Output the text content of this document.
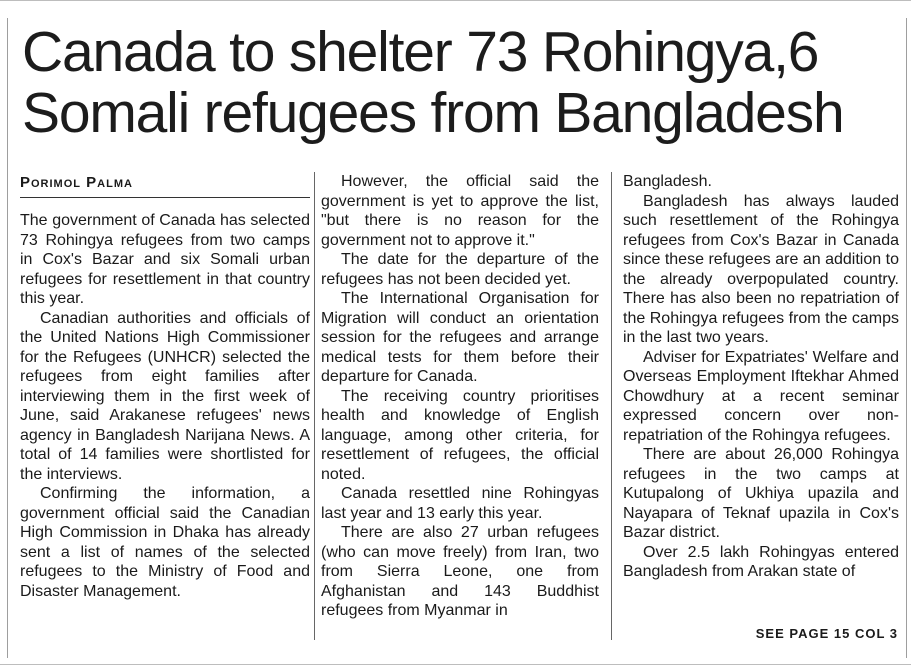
Canada to shelter 73 Rohingya,6 Somali refugees from Bangladesh
Porimol Palma

The government of Canada has selected 73 Rohingya refugees from two camps in Cox's Bazar and six Somali urban refugees for resettlement in that country this year.

Canadian authorities and officials of the United Nations High Commissioner for the Refugees (UNHCR) selected the refugees from eight families after interviewing them in the first week of June, said Arakanese refugees' news agency in Bangladesh Narijana News. A total of 14 families were shortlisted for the interviews.

Confirming the information, a government official said the Canadian High Commission in Dhaka has already sent a list of names of the selected refugees to the Ministry of Food and Disaster Management.

However, the official said the government is yet to approve the list, "but there is no reason for the government not to approve it."

The date for the departure of the refugees has not been decided yet.

The International Organisation for Migration will conduct an orientation session for the refugees and arrange medical tests for them before their departure for Canada.

The receiving country prioritises health and knowledge of English language, among other criteria, for resettlement of refugees, the official noted.

Canada resettled nine Rohingyas last year and 13 early this year.

There are also 27 urban refugees (who can move freely) from Iran, two from Sierra Leone, one from Afghanistan and 143 Buddhist refugees from Myanmar in

Bangladesh.

Bangladesh has always lauded such resettlement of the Rohingya refugees from Cox's Bazar in Canada since these refugees are an addition to the already overpopulated country. There has also been no repatriation of the Rohingya refugees from the camps in the last two years.

Adviser for Expatriates' Welfare and Overseas Employment Iftekhar Ahmed Chowdhury at a recent seminar expressed concern over non-repatriation of the Rohingya refugees.

There are about 26,000 Rohingya refugees in the two camps at Kutupalong of Ukhiya upazila and Nayapara of Teknaf upazila in Cox's Bazar district.

Over 2.5 lakh Rohingyas entered Bangladesh from Arakan state of

SEE PAGE 15 COL 3
